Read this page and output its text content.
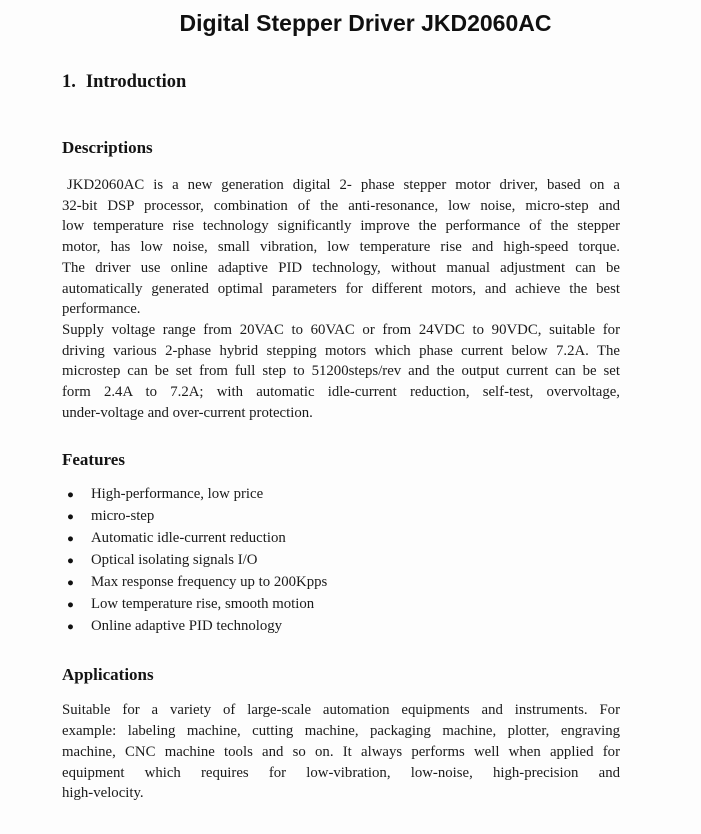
Digital Stepper Driver JKD2060AC
1. Introduction
Descriptions
JKD2060AC is a new generation digital 2- phase stepper motor driver, based on a
32-bit DSP processor, combination of the anti-resonance, low noise, micro-step and
low temperature rise technology significantly improve the performance of the stepper
motor, has low noise, small vibration, low temperature rise and high-speed torque.
The driver use online adaptive PID technology, without manual adjustment can be
automatically generated optimal parameters for different motors, and achieve the best
performance.
Supply voltage range from 20VAC to 60VAC or from 24VDC to 90VDC, suitable for
driving various 2-phase hybrid stepping motors which phase current below 7.2A. The
microstep can be set from full step to 51200steps/rev and the output current can be set
form 2.4A to 7.2A; with automatic idle-current reduction, self-test, overvoltage,
under-voltage and over-current protection.
Features
●	High-performance, low price
●	micro-step
●	Automatic idle-current reduction
●	Optical isolating signals I/O
●	Max response frequency up to 200Kpps
●	Low temperature rise, smooth motion
●	Online adaptive PID technology
Applications
Suitable for a variety of large-scale automation equipments and instruments. For
example: labeling machine, cutting machine, packaging machine, plotter, engraving
machine, CNC machine tools and so on. It always performs well when applied for
equipment which requires for low-vibration, low-noise, high-precision and
high-velocity.
